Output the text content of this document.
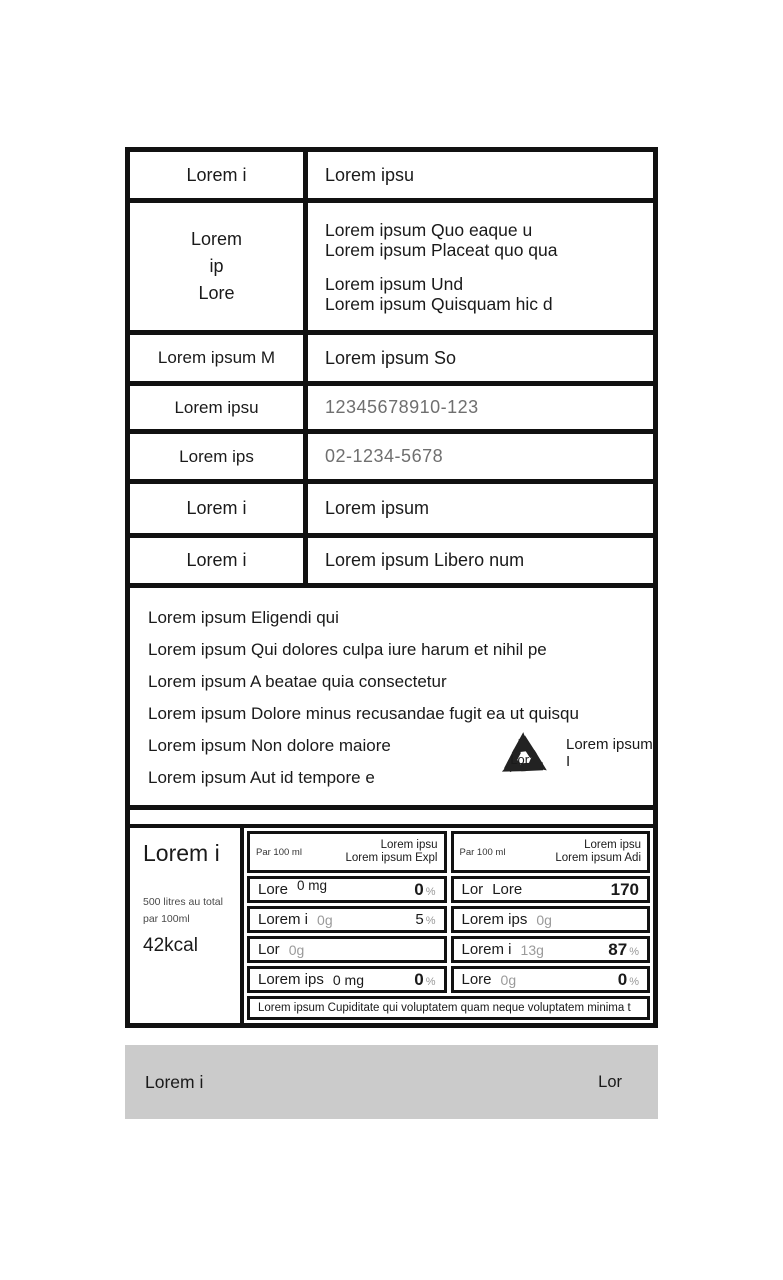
Lorem i	Lorem ipsu
Lorem
ip
Lore
Lorem ipsum Quo eaque u
Lorem ipsum Placeat quo qua
Lorem ipsum Und
Lorem ipsum Quisquam hic d
Lorem ipsum M	Lorem ipsum So
Lorem ipsu	12345678910-123
Lorem ips	02-1234-5678
Lorem i	Lorem ipsum
Lorem i	Lorem ipsum Libero num
Lorem ipsum Eligendi qui
Lorem ipsum Qui dolores culpa iure harum et nihil pe
Lorem ipsum A beatae quia consectetur
Lorem ipsum Dolore minus recusandae fugit ea ut quisqu
Lorem ipsum Non dolore maiore
Lorem ipsum Aut id tempore e
Lor
Lorem ipsum I
Lorem i
500 litres au total
par 100ml
42kcal
Par 100 ml
Lorem ipsu
Lorem ipsum Expl
Lore 0 mg	0 %
Lorem i 0g	5 %
Lor 0g
Lorem ips 0 mg	0 %
Par 100 ml
Lorem ipsu
Lorem ipsum Adi
Lor Lore	170
Lorem ips 0g
Lorem i 13g	87 %
Lore 0g	0 %
Lorem ipsum Cupiditate qui voluptatem quam neque voluptatem minima t
Lorem i	Lor
